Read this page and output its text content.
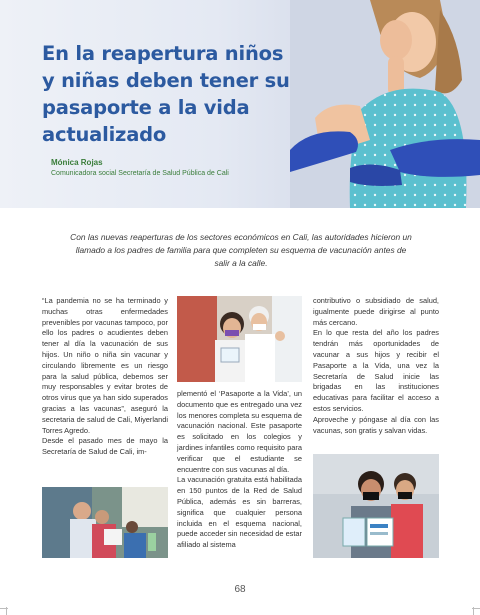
En la reapertura niños y niñas deben tener su pasaporte a la vida actualizado
Mónica Rojas
Comunicadora social Secretaría de Salud Pública de Cali

Con las nuevas reaperturas de los sectores económicos en Cali, las autoridades hicieron un llamado a los padres de familia para que completen su esquema de vacunación antes de salir a la calle.

“La pandemia no se ha terminado y muchas otras enfermedades prevenibles por vacunas tampoco, por ello los padres o acudientes deben tener al día la vacunación de sus hijos. Un niño o niña sin vacunar y circulando libremente es un riesgo para la salud pública, debemos ser muy responsables y evitar brotes de otros virus que ya han sido superados gracias a las vacunas”, aseguró la secretaria de salud de Cali, Miyerlandi Torres Agredo.

Desde el pasado mes de mayo la Secretaría de Salud de Cali, im-

plementó el ‘Pasaporte a la Vida’, un documento que es entregado una vez los menores completa su esquema de vacunación nacional. Este pasaporte es solicitado en los colegios y jardines infantiles como requisito para verificar que el estudiante se encuentre con sus vacunas al día.

La vacunación gratuita está habilitada en 150 puntos de la Red de Salud Pública, además es sin barreras, significa que cualquier persona incluida en el esquema nacional, puede acceder sin necesidad de estar afiliado al sistema

contributivo o subsidiado de salud, igualmente puede dirigirse al punto más cercano.

En lo que resta del año los padres tendrán más oportunidades de vacunar a sus hijos y recibir el Pasaporte a la Vida, una vez la Secretaría de Salud inicie las brigadas en las instituciones educativas para facilitar el acceso a estos servicios.

Aproveche y póngase al día con las vacunas, son gratis y salvan vidas.

68
